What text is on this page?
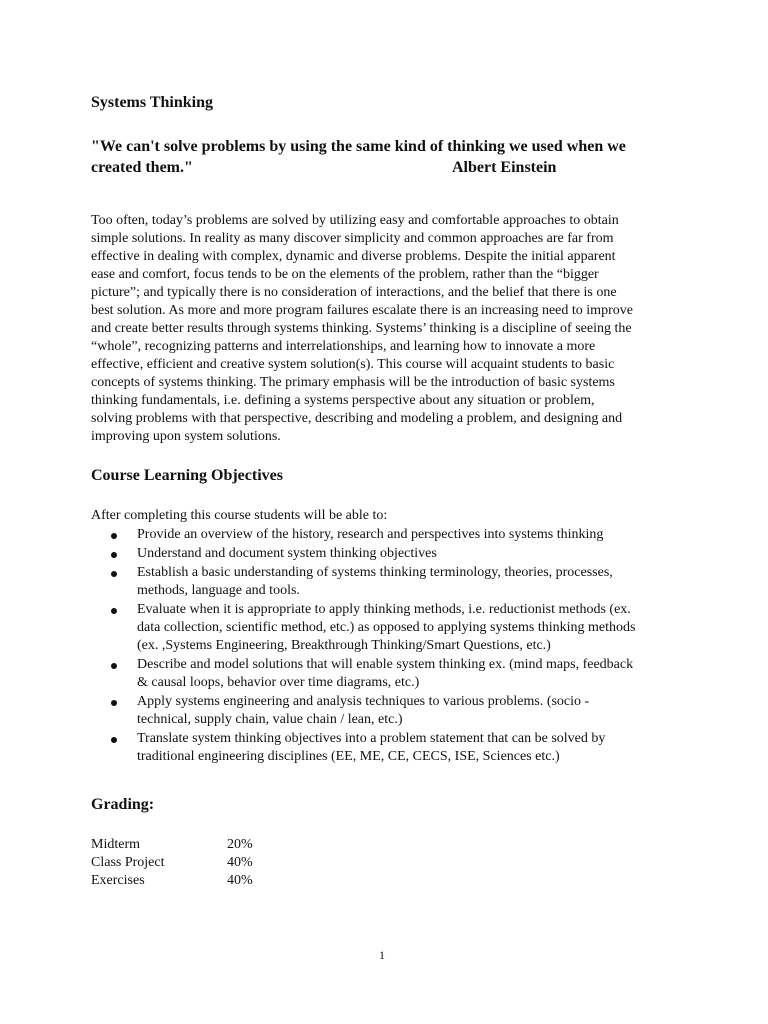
Systems Thinking
"We can't solve problems by using the same kind of thinking we used when we
created them."	Albert Einstein
Too often, today’s problems are solved by utilizing easy and comfortable approaches to obtain
simple solutions. In reality as many discover simplicity and common approaches are far from
effective in dealing with complex, dynamic and diverse problems. Despite the initial apparent
ease and comfort, focus tends to be on the elements of the problem, rather than the “bigger
picture”; and typically there is no consideration of interactions, and the belief that there is one
best solution. As more and more program failures escalate there is an increasing need to improve
and create better results through systems thinking. Systems’ thinking is a discipline of seeing the
“whole”, recognizing patterns and interrelationships, and learning how to innovate a more
effective, efficient and creative system solution(s). This course will acquaint students to basic
concepts of systems thinking. The primary emphasis will be the introduction of basic systems
thinking fundamentals, i.e. defining a systems perspective about any situation or problem,
solving problems with that perspective, describing and modeling a problem, and designing and
improving upon system solutions.
Course Learning Objectives
After completing this course students will be able to:
Provide an overview of the history, research and perspectives into systems thinking
Understand and document system thinking objectives
Establish a basic understanding of systems thinking terminology, theories, processes,
methods, language and tools.
Evaluate when it is appropriate to apply thinking methods, i.e. reductionist methods (ex.
data collection, scientific method, etc.) as opposed to applying systems thinking methods
(ex. ,Systems Engineering, Breakthrough Thinking/Smart Questions, etc.)
Describe and model solutions that will enable system thinking ex. (mind maps, feedback
& causal loops, behavior over time diagrams, etc.)
Apply systems engineering and analysis techniques to various problems. (socio -
technical, supply chain, value chain / lean, etc.)
Translate system thinking objectives into a problem statement that can be solved by
traditional engineering disciplines (EE, ME, CE, CECS, ISE, Sciences etc.)
Grading:
Midterm	20%
Class Project	40%
Exercises	40%
1
